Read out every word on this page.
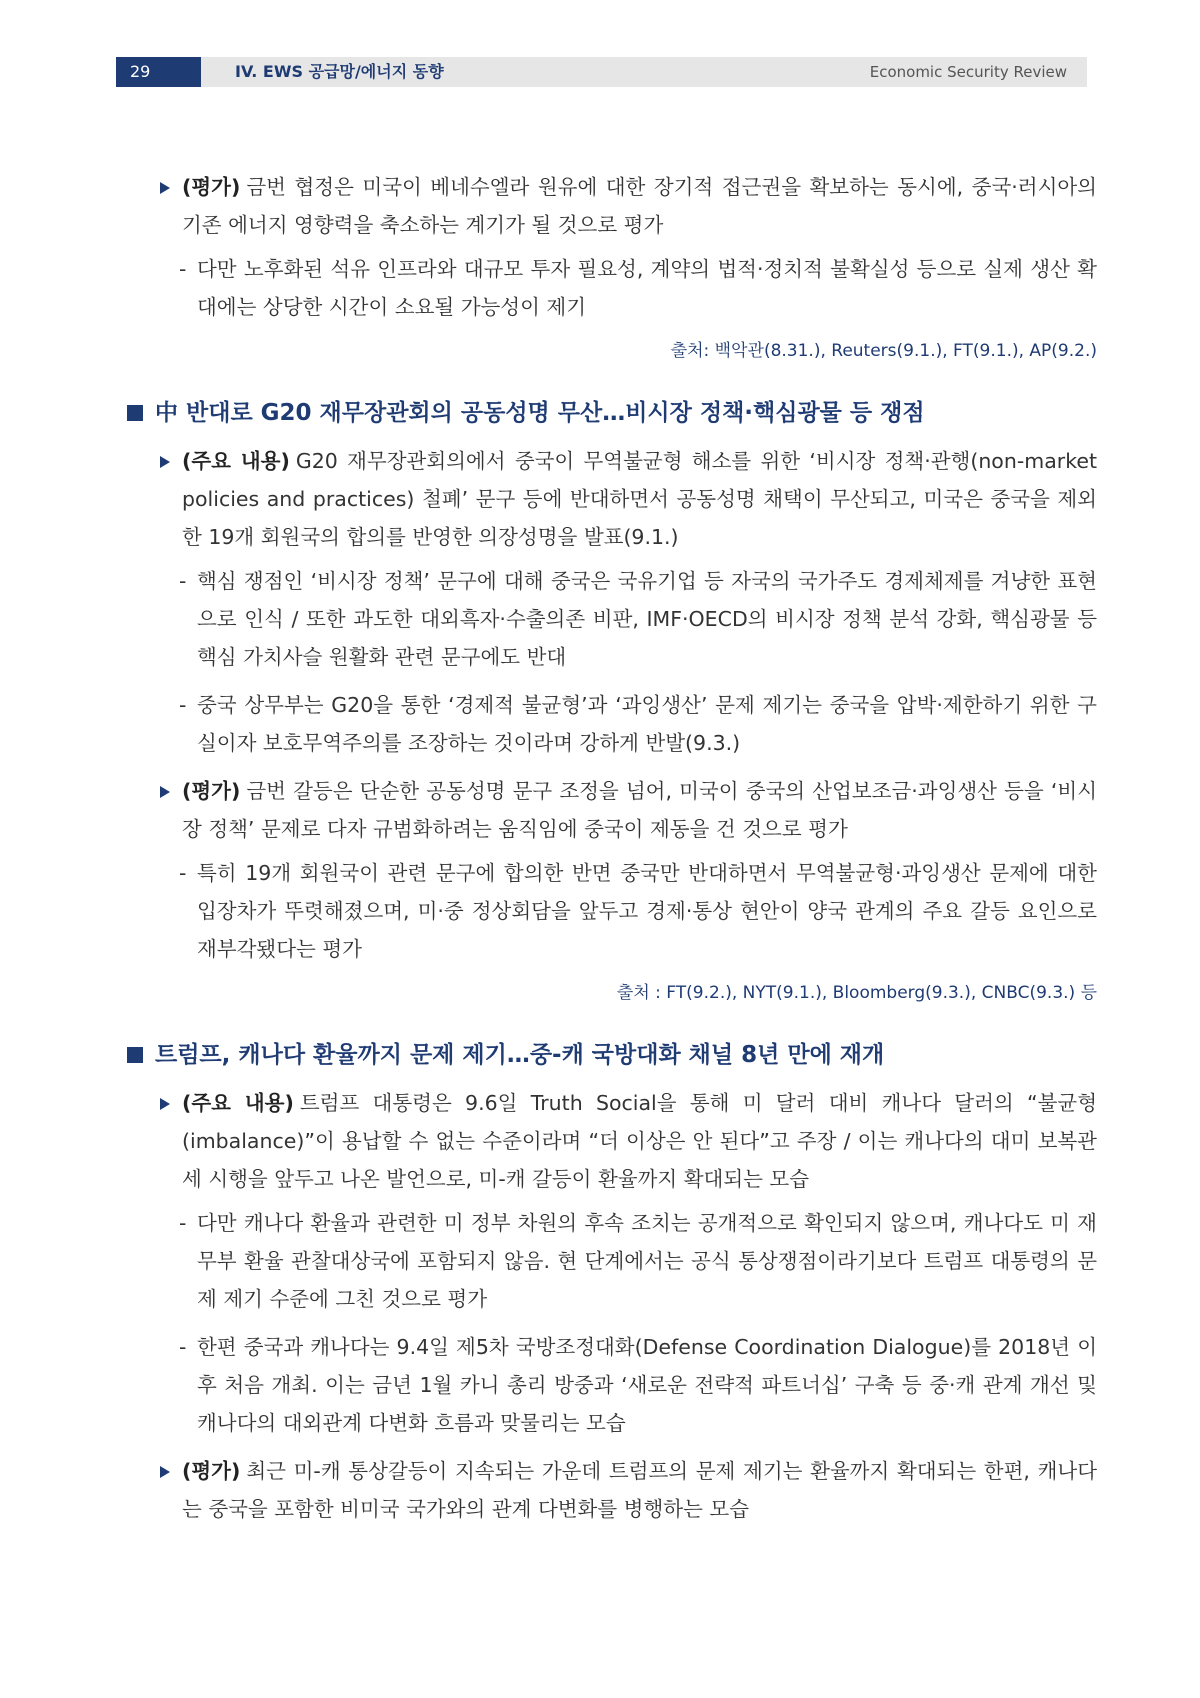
29	IV. EWS 공급망/에너지 동향	Economic Security Review
(평가) 금번 협정은 미국이 베네수엘라 원유에 대한 장기적 접근권을 확보하는 동시에, 중국·러시아의 기존 에너지 영향력을 축소하는 계기가 될 것으로 평가
- 다만 노후화된 석유 인프라와 대규모 투자 필요성, 계약의 법적·정치적 불확실성 등으로 실제 생산 확대에는 상당한 시간이 소요될 가능성이 제기
출처: 백악관(8.31.), Reuters(9.1.), FT(9.1.), AP(9.2.)
中 반대로 G20 재무장관회의 공동성명 무산…비시장 정책·핵심광물 등 쟁점
(주요 내용) G20 재무장관회의에서 중국이 무역불균형 해소를 위한 ‘비시장 정책·관행(non-market policies and practices) 철폐’ 문구 등에 반대하면서 공동성명 채택이 무산되고, 미국은 중국을 제외한 19개 회원국의 합의를 반영한 의장성명을 발표(9.1.)
- 핵심 쟁점인 ‘비시장 정책’ 문구에 대해 중국은 국유기업 등 자국의 국가주도 경제체제를 겨냥한 표현으로 인식 / 또한 과도한 대외흑자·수출의존 비판, IMF·OECD의 비시장 정책 분석 강화, 핵심광물 등 핵심 가치사슬 원활화 관련 문구에도 반대
- 중국 상무부는 G20을 통한 ‘경제적 불균형’과 ‘과잉생산’ 문제 제기는 중국을 압박·제한하기 위한 구실이자 보호무역주의를 조장하는 것이라며 강하게 반발(9.3.)
(평가) 금번 갈등은 단순한 공동성명 문구 조정을 넘어, 미국이 중국의 산업보조금·과잉생산 등을 ‘비시장 정책’ 문제로 다자 규범화하려는 움직임에 중국이 제동을 건 것으로 평가
- 특히 19개 회원국이 관련 문구에 합의한 반면 중국만 반대하면서 무역불균형·과잉생산 문제에 대한 입장차가 뚜렷해졌으며, 미·중 정상회담을 앞두고 경제·통상 현안이 양국 관계의 주요 갈등 요인으로 재부각됐다는 평가
출처 : FT(9.2.), NYT(9.1.), Bloomberg(9.3.), CNBC(9.3.) 등
트럼프, 캐나다 환율까지 문제 제기…중-캐 국방대화 채널 8년 만에 재개
(주요 내용) 트럼프 대통령은 9.6일 Truth Social을 통해 미 달러 대비 캐나다 달러의 “불균형(imbalance)”이 용납할 수 없는 수준이라며 “더 이상은 안 된다”고 주장 / 이는 캐나다의 대미 보복관세 시행을 앞두고 나온 발언으로, 미-캐 갈등이 환율까지 확대되는 모습
- 다만 캐나다 환율과 관련한 미 정부 차원의 후속 조치는 공개적으로 확인되지 않으며, 캐나다도 미 재무부 환율 관찰대상국에 포함되지 않음. 현 단계에서는 공식 통상쟁점이라기보다 트럼프 대통령의 문제 제기 수준에 그친 것으로 평가
- 한편 중국과 캐나다는 9.4일 제5차 국방조정대화(Defense Coordination Dialogue)를 2018년 이후 처음 개최. 이는 금년 1월 카니 총리 방중과 ‘새로운 전략적 파트너십’ 구축 등 중·캐 관계 개선 및 캐나다의 대외관계 다변화 흐름과 맞물리는 모습
(평가) 최근 미-캐 통상갈등이 지속되는 가운데 트럼프의 문제 제기는 환율까지 확대되는 한편, 캐나다는 중국을 포함한 비미국 국가와의 관계 다변화를 병행하는 모습
